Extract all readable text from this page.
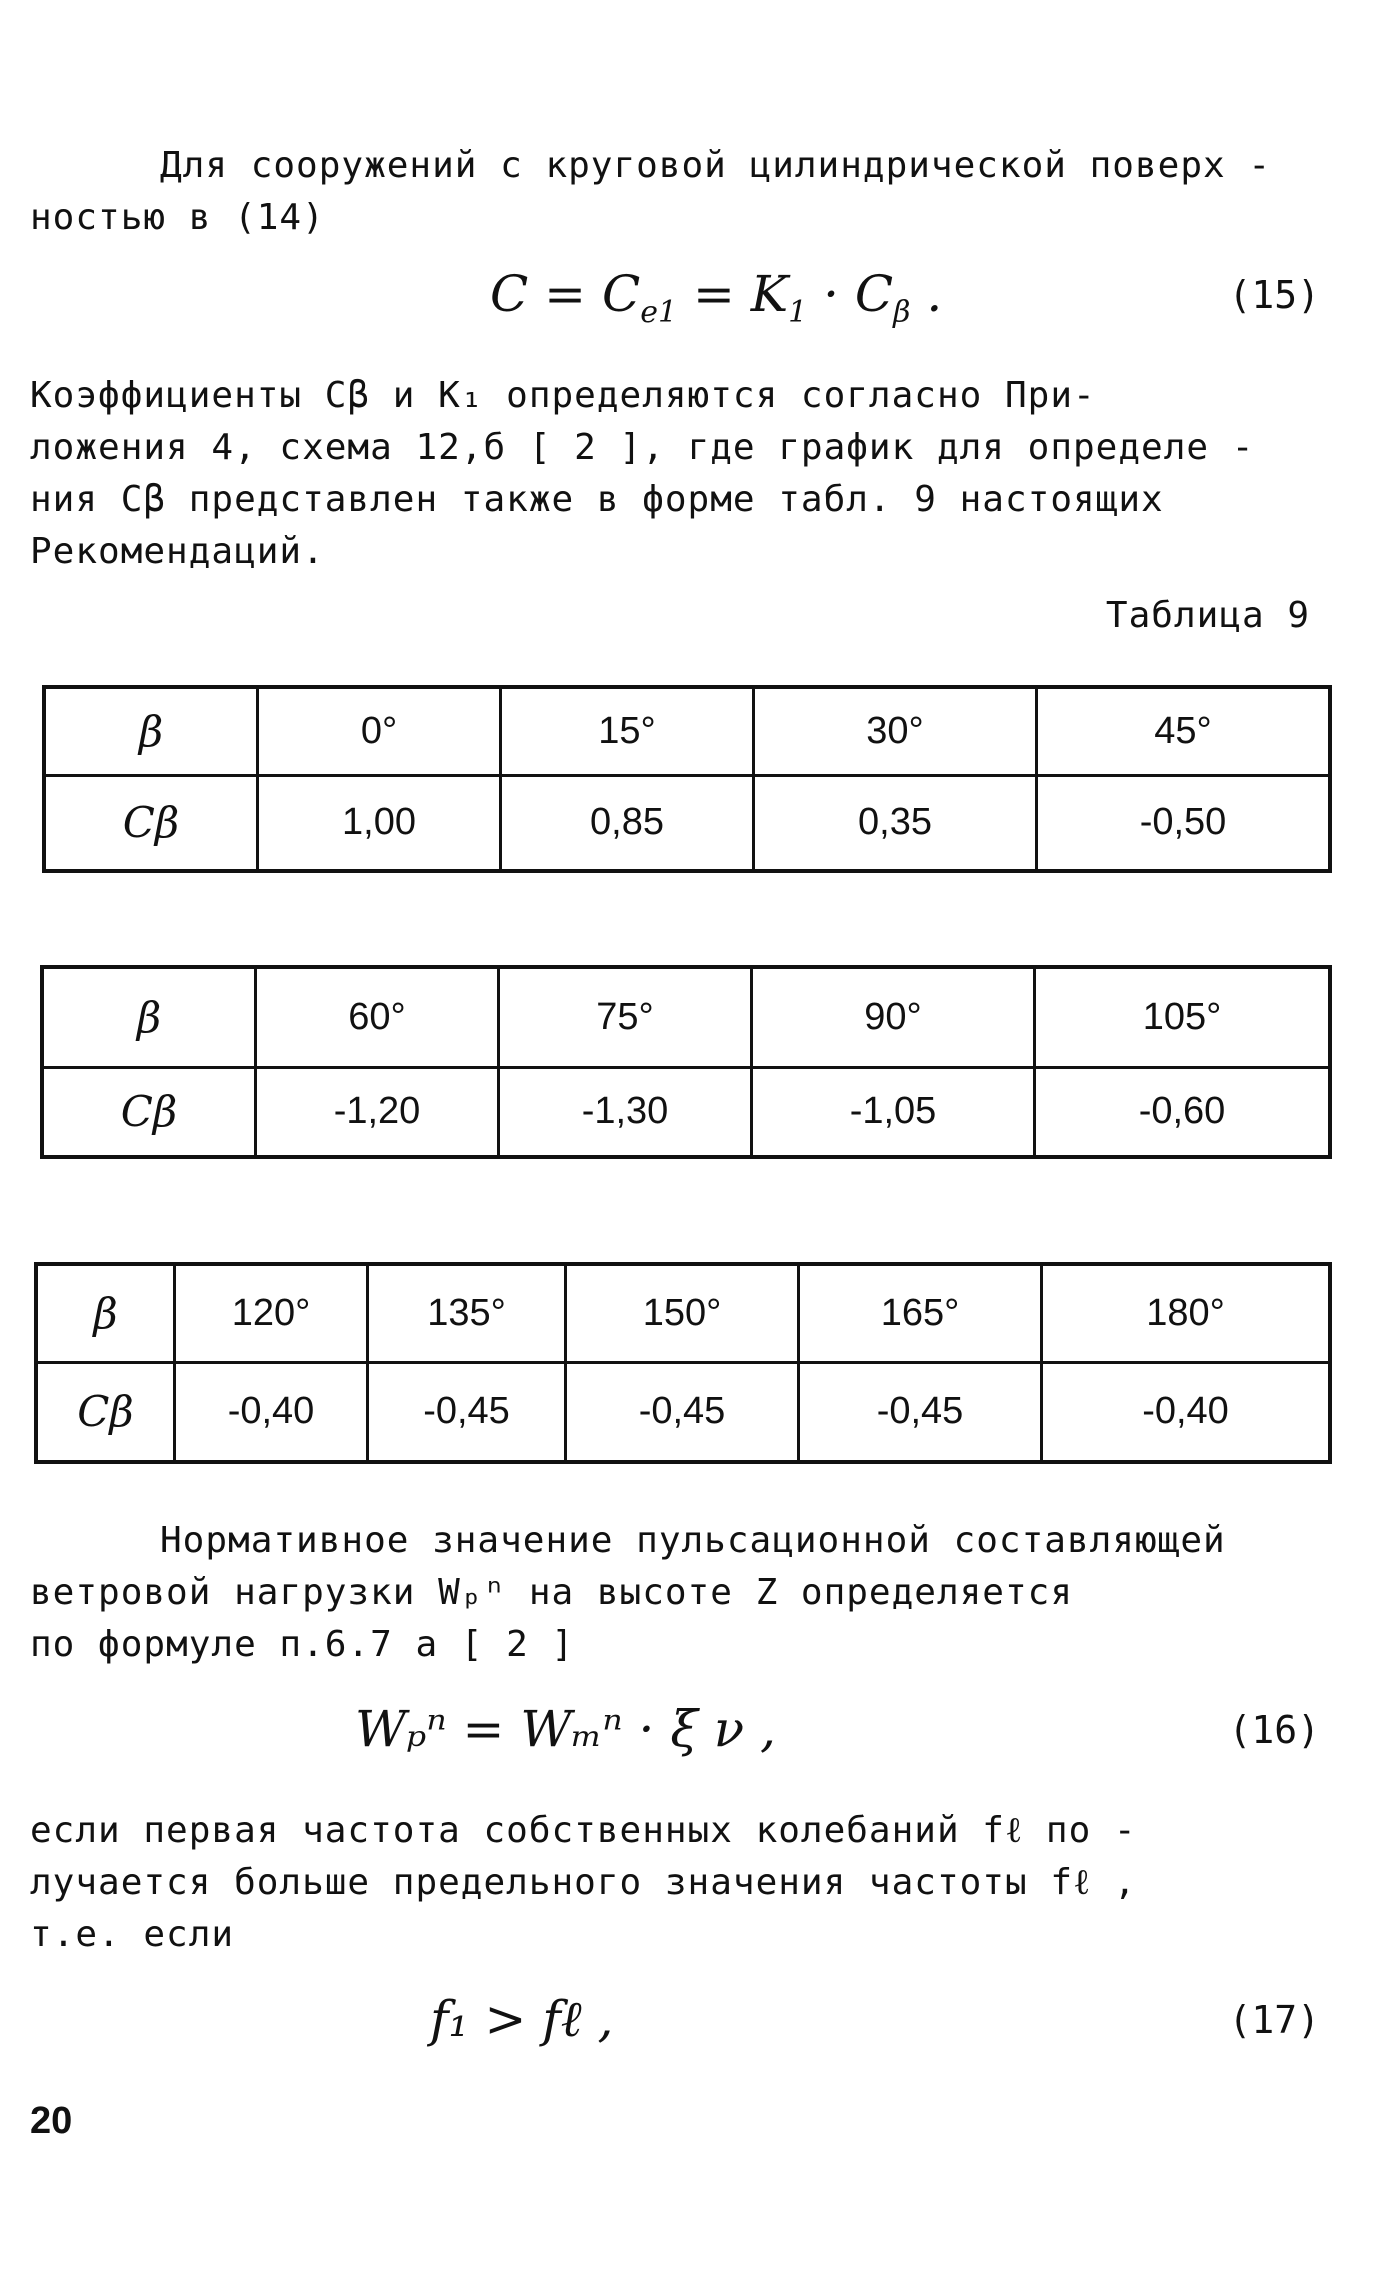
Для сооружений с круговой цилиндрической поверх -
ностью в (14)

$C = C_{e1} = K_1 \cdot C_\beta$ .	(15)

Коэффициенты Cβ и K₁ определяются согласно При-
ложения 4, схема 12,б [ 2 ], где график для определе -
ния Cβ представлен также в форме табл. 9 настоящих
Рекомендаций.

Таблица 9
β	0°	15°	30°	45°
Cβ	1,00	0,85	0,35	-0,50
β	60°	75°	90°	105°
Cβ	-1,20	-1,30	-1,05	-0,60
β	120°	135°	150°	165°	180°
Cβ	-0,40	-0,45	-0,45	-0,45	-0,40

Нормативное значение пульсационной составляющей
ветровой нагрузки Wₚⁿ на высоте Z определяется
по формуле п.6.7 а [ 2 ]

Wₚⁿ = Wₘⁿ · ξ ν ,	(16)

если первая частота собственных колебаний fℓ по -
лучается больше предельного значения частоты fℓ ,
т.е. если

f₁ > fℓ ,	(17)
20
